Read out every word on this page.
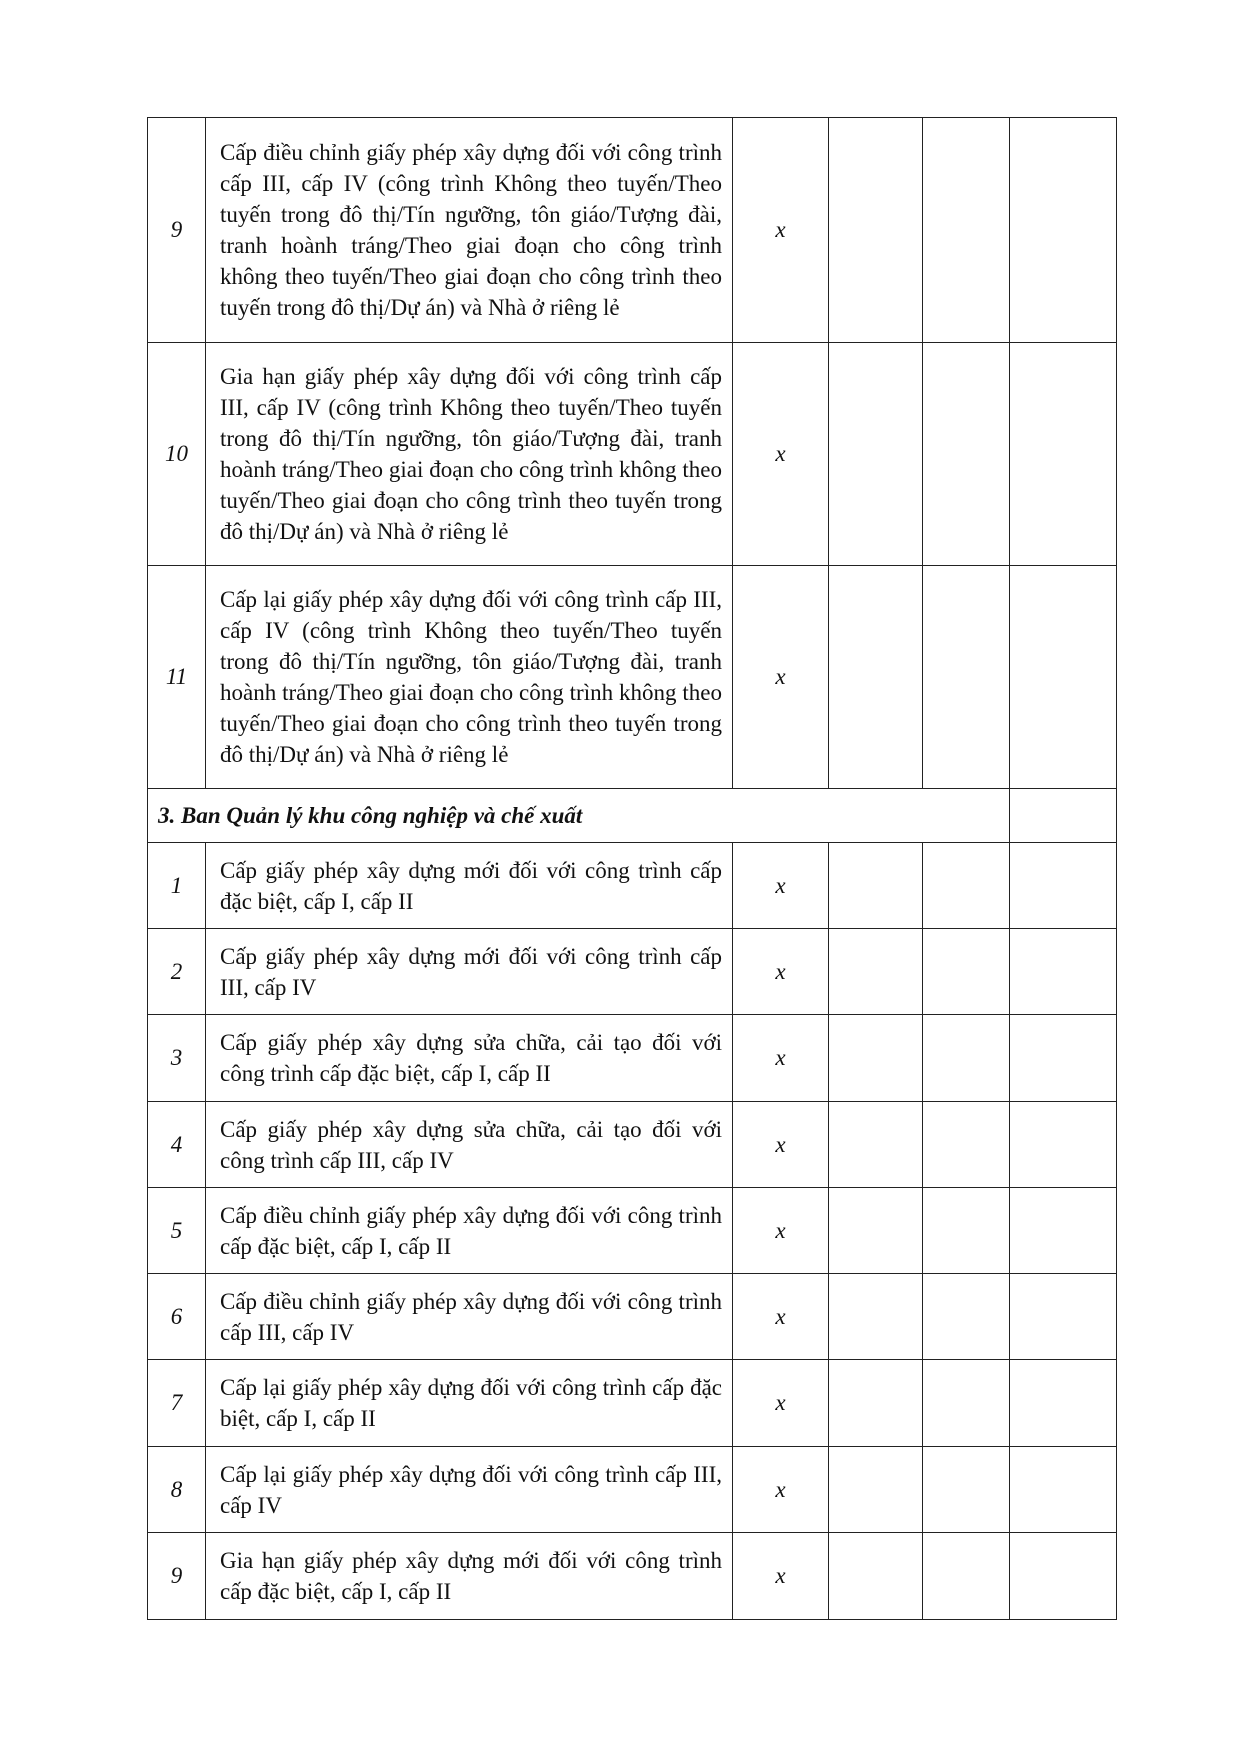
9	Cấp điều chỉnh giấy phép xây dựng đối với công trình cấp III, cấp IV (công trình Không theo tuyến/Theo tuyến trong đô thị/Tín ngưỡng, tôn giáo/Tượng đài, tranh hoành tráng/Theo giai đoạn cho công trình không theo tuyến/Theo giai đoạn cho công trình theo tuyến trong đô thị/Dự án) và Nhà ở riêng lẻ	x			
10	Gia hạn giấy phép xây dựng đối với công trình cấp III, cấp IV (công trình Không theo tuyến/Theo tuyến trong đô thị/Tín ngưỡng, tôn giáo/Tượng đài, tranh hoành tráng/Theo giai đoạn cho công trình không theo tuyến/Theo giai đoạn cho công trình theo tuyến trong đô thị/Dự án) và Nhà ở riêng lẻ	x			
11	Cấp lại giấy phép xây dựng đối với công trình cấp III, cấp IV (công trình Không theo tuyến/Theo tuyến trong đô thị/Tín ngưỡng, tôn giáo/Tượng đài, tranh hoành tráng/Theo giai đoạn cho công trình không theo tuyến/Theo giai đoạn cho công trình theo tuyến trong đô thị/Dự án) và Nhà ở riêng lẻ	x			
3. Ban Quản lý khu công nghiệp và chế xuất					
1	Cấp giấy phép xây dựng mới đối với công trình cấp đặc biệt, cấp I, cấp II	x			
2	Cấp giấy phép xây dựng mới đối với công trình cấp III, cấp IV	x			
3	Cấp giấy phép xây dựng sửa chữa, cải tạo đối với công trình cấp đặc biệt, cấp I, cấp II	x			
4	Cấp giấy phép xây dựng sửa chữa, cải tạo đối với công trình cấp III, cấp IV	x			
5	Cấp điều chỉnh giấy phép xây dựng đối với công trình cấp đặc biệt, cấp I, cấp II	x			
6	Cấp điều chỉnh giấy phép xây dựng đối với công trình cấp III, cấp IV	x			
7	Cấp lại giấy phép xây dựng đối với công trình cấp đặc biệt, cấp I, cấp II	x			
8	Cấp lại giấy phép xây dựng đối với công trình cấp III, cấp IV	x			
9	Gia hạn giấy phép xây dựng mới đối với công trình cấp đặc biệt, cấp I, cấp II	x			
